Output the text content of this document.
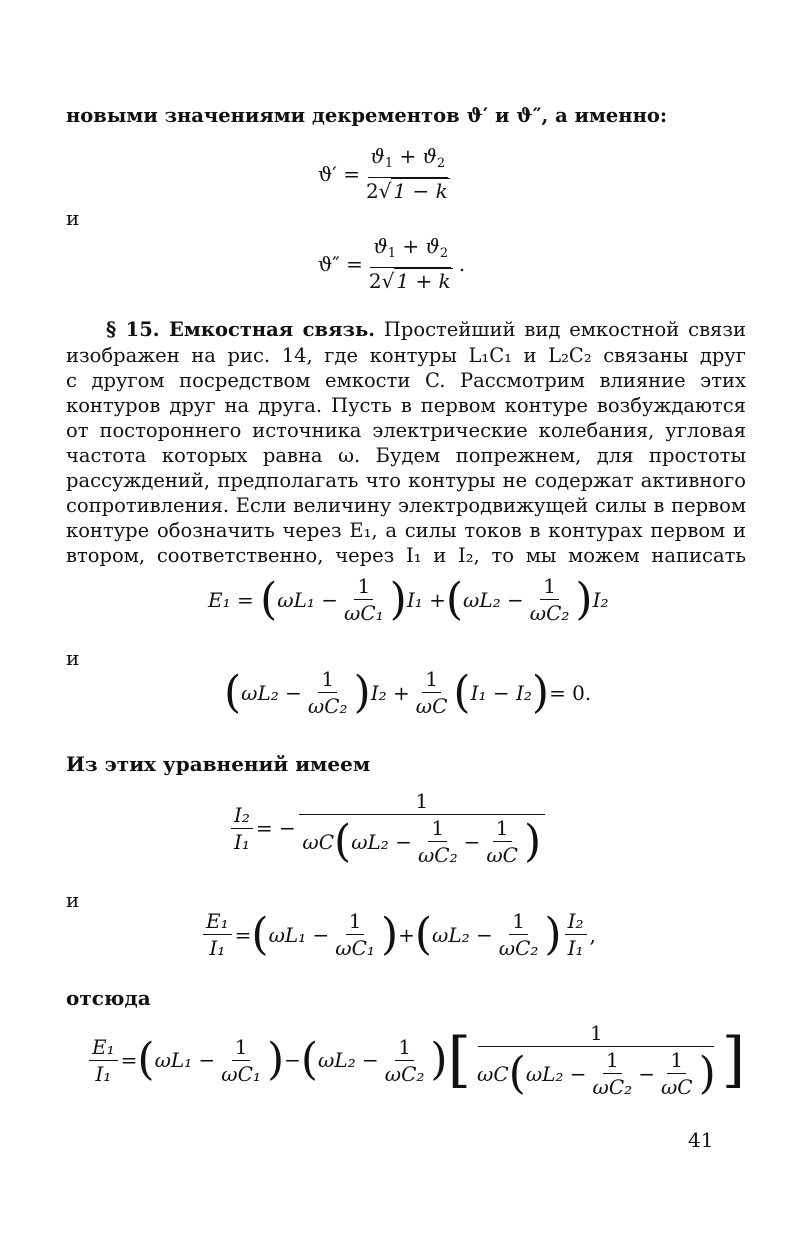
новыми значениями декрементов ϑ′ и ϑ″, а именно:
$ϑ' = \frac{ϑ_1 + ϑ_2}{2√ 1 - k}$
и
$ϑ'' = \frac{ϑ_1 + ϑ_2}{2√ 1 + k}$ .
§ 15. Емкостная связь. Простейший вид емкостной связи
изображен на рис. 14, где контуры L₁C₁ и L₂C₂ связаны друг
с другом посредством емкости C. Рассмотрим влияние этих
контуров друг на друга. Пусть в первом контуре возбуждаются
от постороннего источника электрические колебания, угловая
частота которых равна ω. Будем попрежнем, для простоты
рассуждений, предполагать что контуры не содержат активного
сопротивления. Если величину электродвижущей силы в первом
контуре обозначить через E₁, а силы токов в контурах первом и
втором, соответственно, через I₁ и I₂, то мы можем написать
E₁
=
( ωL₁
− $\frac{1}{\text{ωC₁}}$ ) I₁
+ ( ωL₂
− $\frac{1}{\text{ωC₂}}$ ) I₂
и
( ωL₂
− $\frac{1}{\text{ωC₂}}$ ) I₂
+ $\frac{1}{\omega C}$ ( I₁
−
I₂ ) = 0.
Из этих уравнений имеем
$\frac{\text{I₂}}{\text{I₁}}$ = −
1
ωC ( ωL₂
− $\frac{1}{\text{ωC₂}} - \frac{1}{\omega C}$ )
и
$\frac{\text{E₁}}{\text{I₁}}$ = ( ωL₁
− $\frac{1}{\text{ωC₁}}$ ) + ( ωL₂
− $\frac{1}{\text{ωC₂}}$ ) $\frac{\text{I₂}}{\text{I₁}}$ ,
отсюда
$\frac{\text{E₁}}{\text{I₁}}$ = ( ωL₁
− $\frac{1}{\text{ωC₁}}$ ) − ( ωL₂
− $\frac{1}{\text{ωC₂}}$ ) [	1
ωC ( ωL₂
− $\frac{1}{\text{ωC₂}} - \frac{1}{\omega C}$ ) ]
41
